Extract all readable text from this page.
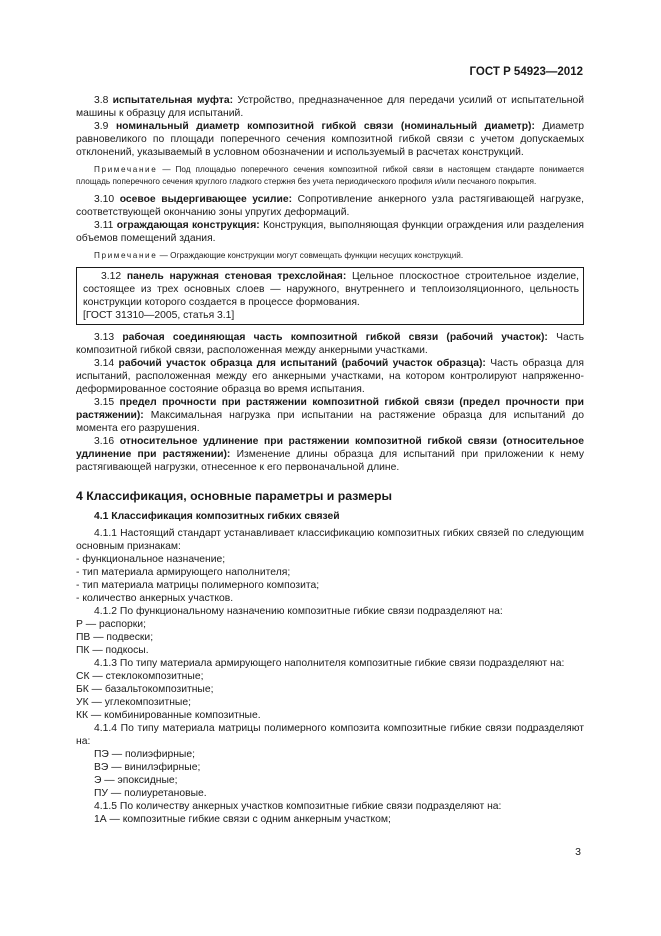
ГОСТ Р 54923—2012

3.8 испытательная муфта: Устройство, предназначенное для передачи усилий от испытательной машины к образцу для испытаний.

3.9 номинальный диаметр композитной гибкой связи (номинальный диаметр): Диаметр равновеликого по площади поперечного сечения композитной гибкой связи с учетом допускаемых отклонений, указываемый в условном обозначении и используемый в расчетах конструкций.

Примечание — Под площадью поперечного сечения композитной гибкой связи в настоящем стандарте понимается площадь поперечного сечения круглого гладкого стержня без учета периодического профиля и/или песчаного покрытия.

3.10 осевое выдергивающее усилие: Сопротивление анкерного узла растягивающей нагрузке, соответствующей окончанию зоны упругих деформаций.

3.11 ограждающая конструкция: Конструкция, выполняющая функции ограждения или разделения объемов помещений здания.

Примечание — Ограждающие конструкции могут совмещать функции несущих конструкций.

3.12 панель наружная стеновая трехслойная: Цельное плоскостное строительное изделие, состоящее из трех основных слоев — наружного, внутреннего и теплоизоляционного, цельность конструкции которого создается в процессе формования.

[ГОСТ 31310—2005, статья 3.1]

3.13 рабочая соединяющая часть композитной гибкой связи (рабочий участок): Часть композитной гибкой связи, расположенная между анкерными участками.

3.14 рабочий участок образца для испытаний (рабочий участок образца): Часть образца для испытаний, расположенная между его анкерными участками, на котором контролируют напряженно-деформированное состояние образца во время испытания.

3.15 предел прочности при растяжении композитной гибкой связи (предел прочности при растяжении): Максимальная нагрузка при испытании на растяжение образца для испытаний до момента его разрушения.

3.16 относительное удлинение при растяжении композитной гибкой связи (относительное удлинение при растяжении): Изменение длины образца для испытаний при приложении к нему растягивающей нагрузки, отнесенное к его первоначальной длине.

4 Классификация, основные параметры и размеры

4.1 Классификация композитных гибких связей

4.1.1 Настоящий стандарт устанавливает классификацию композитных гибких связей по следующим основным признакам:

- функциональное назначение;

- тип материала армирующего наполнителя;

- тип материала матрицы полимерного композита;

- количество анкерных участков.

4.1.2 По функциональному назначению композитные гибкие связи подразделяют на:

Р — распорки;

ПВ — подвески;

ПК — подкосы.

4.1.3 По типу материала армирующего наполнителя композитные гибкие связи подразделяют на:

СК — стеклокомпозитные;

БК — базальтокомпозитные;

УК — углекомпозитные;

КК — комбинированные композитные.

4.1.4 По типу материала матрицы полимерного композита композитные гибкие связи подразделяют на:

ПЭ — полиэфирные;

ВЭ — винилэфирные;

Э — эпоксидные;

ПУ — полиуретановые.

4.1.5 По количеству анкерных участков композитные гибкие связи подразделяют на:

1А — композитные гибкие связи с одним анкерным участком;

3
